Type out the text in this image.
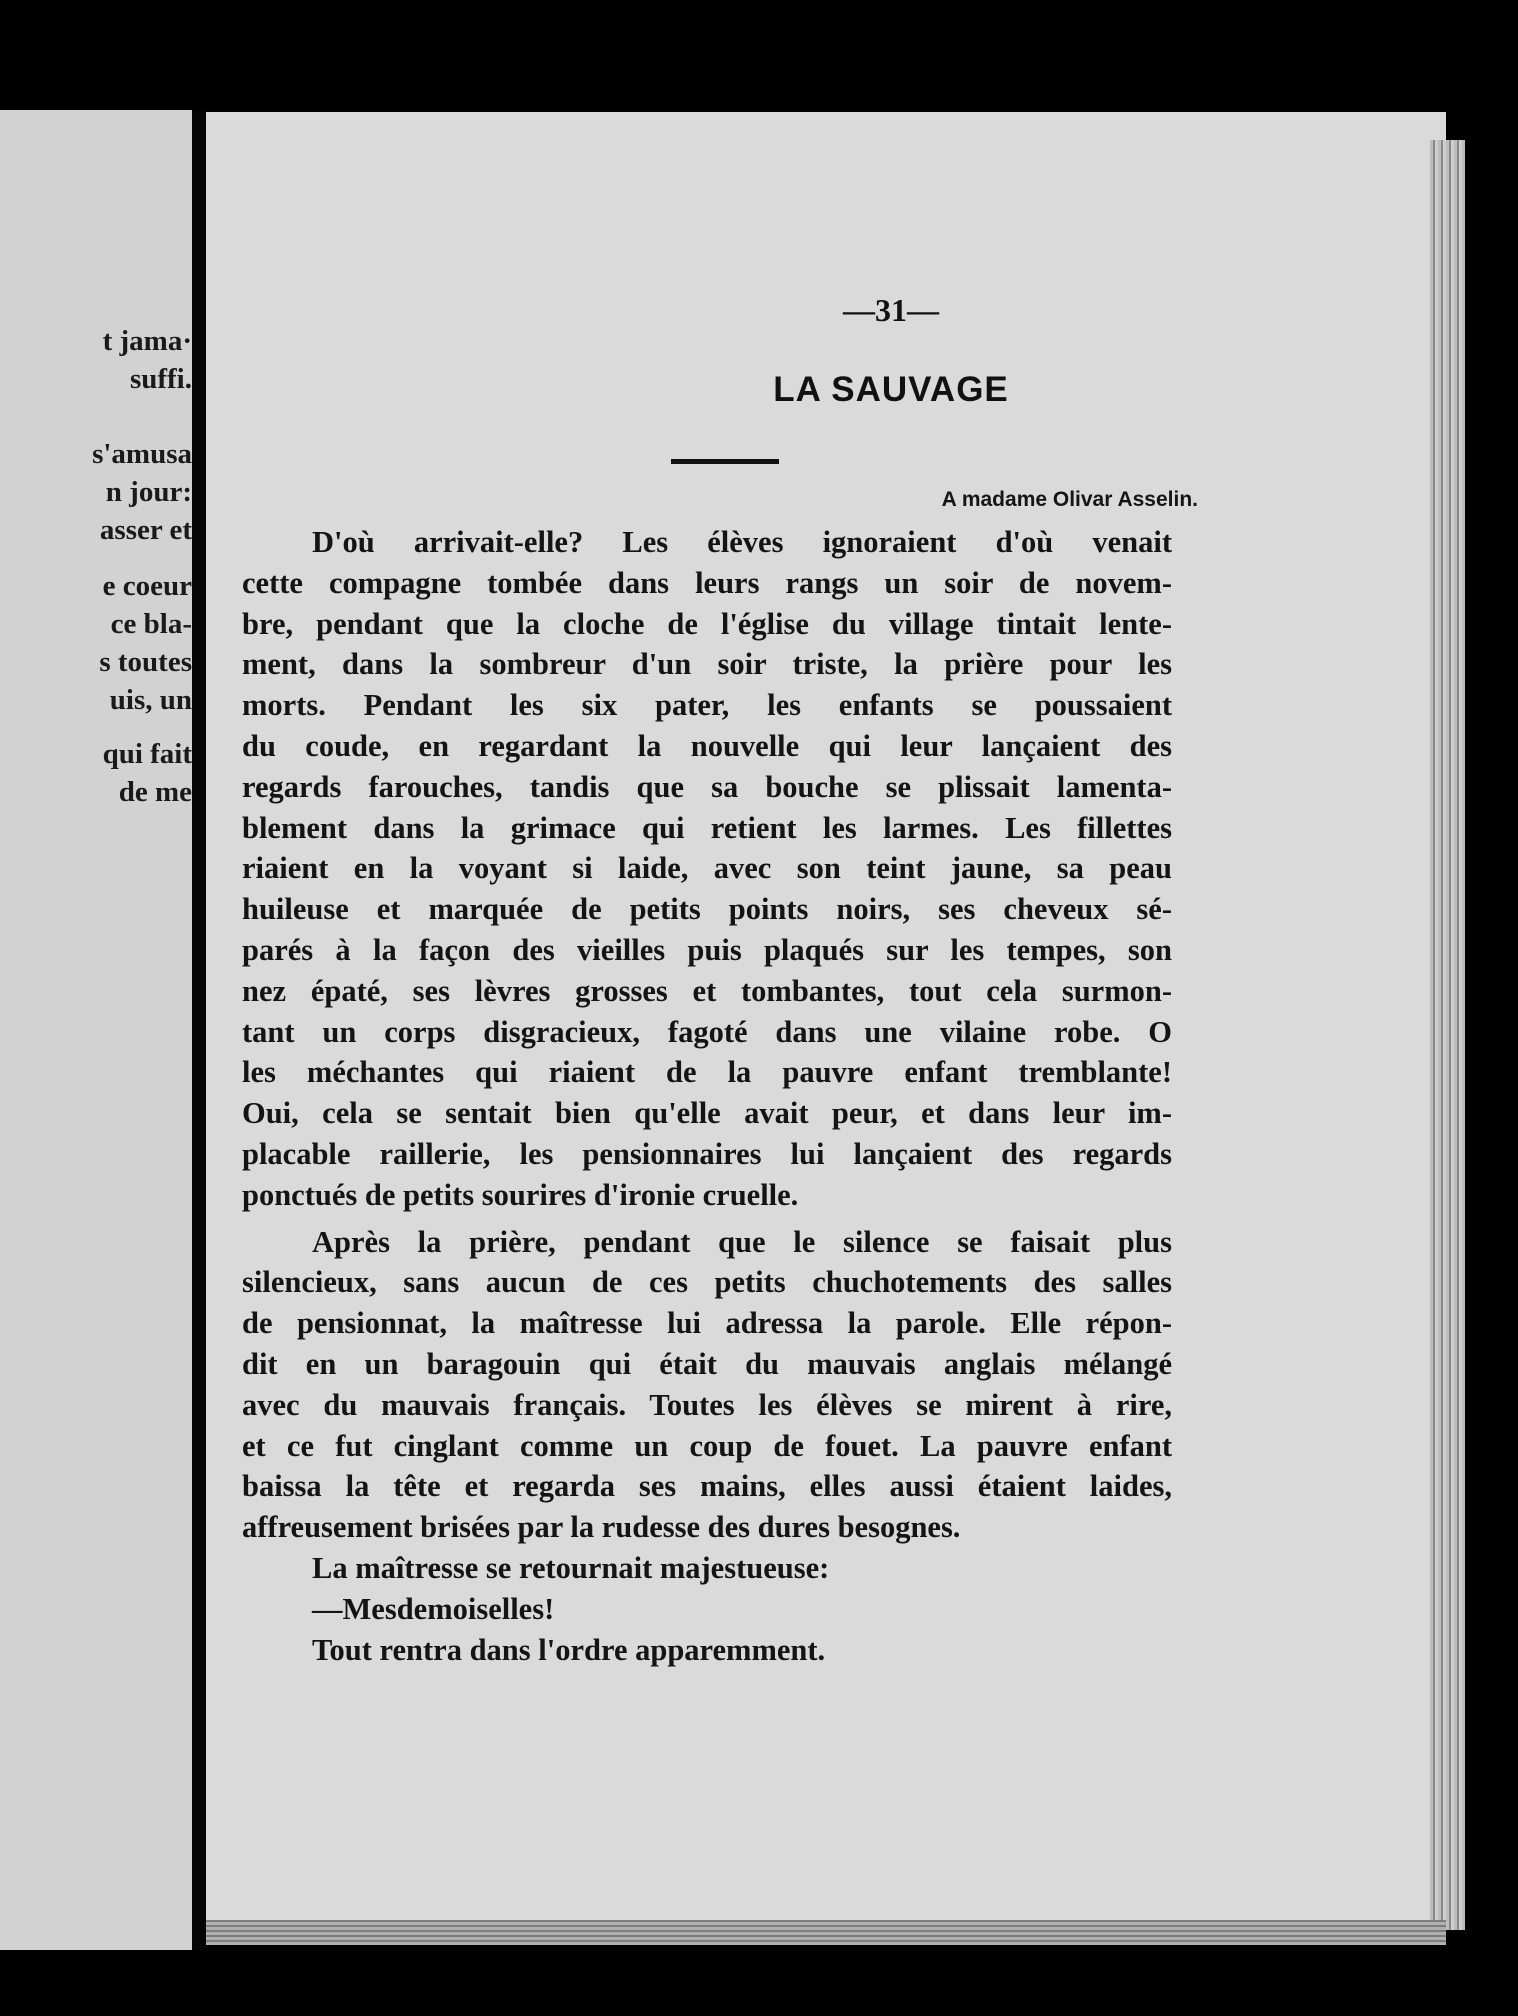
t jama·
suffi.
s'amusa
n jour:
asser et
e coeur
ce bla-
s toutes
uis, un
qui fait
de me
—31—
LA SAUVAGE
A madame Olivar Asselin.
D'où arrivait-elle? Les élèves ignoraient d'où venait
cette compagne tombée dans leurs rangs un soir de novem-
bre, pendant que la cloche de l'église du village tintait lente-
ment, dans la sombreur d'un soir triste, la prière pour les
morts. Pendant les six pater, les enfants se poussaient
du coude, en regardant la nouvelle qui leur lançaient des
regards farouches, tandis que sa bouche se plissait lamenta-
blement dans la grimace qui retient les larmes. Les fillettes
riaient en la voyant si laide, avec son teint jaune, sa peau
huileuse et marquée de petits points noirs, ses cheveux sé-
parés à la façon des vieilles puis plaqués sur les tempes, son
nez épaté, ses lèvres grosses et tombantes, tout cela surmon-
tant un corps disgracieux, fagoté dans une vilaine robe. O
les méchantes qui riaient de la pauvre enfant tremblante!
Oui, cela se sentait bien qu'elle avait peur, et dans leur im-
placable raillerie, les pensionnaires lui lançaient des regards
ponctués de petits sourires d'ironie cruelle.
Après la prière, pendant que le silence se faisait plus
silencieux, sans aucun de ces petits chuchotements des salles
de pensionnat, la maîtresse lui adressa la parole. Elle répon-
dit en un baragouin qui était du mauvais anglais mélangé
avec du mauvais français. Toutes les élèves se mirent à rire,
et ce fut cinglant comme un coup de fouet. La pauvre enfant
baissa la tête et regarda ses mains, elles aussi étaient laides,
affreusement brisées par la rudesse des dures besognes.
La maîtresse se retournait majestueuse:
—Mesdemoiselles!
Tout rentra dans l'ordre apparemment.
